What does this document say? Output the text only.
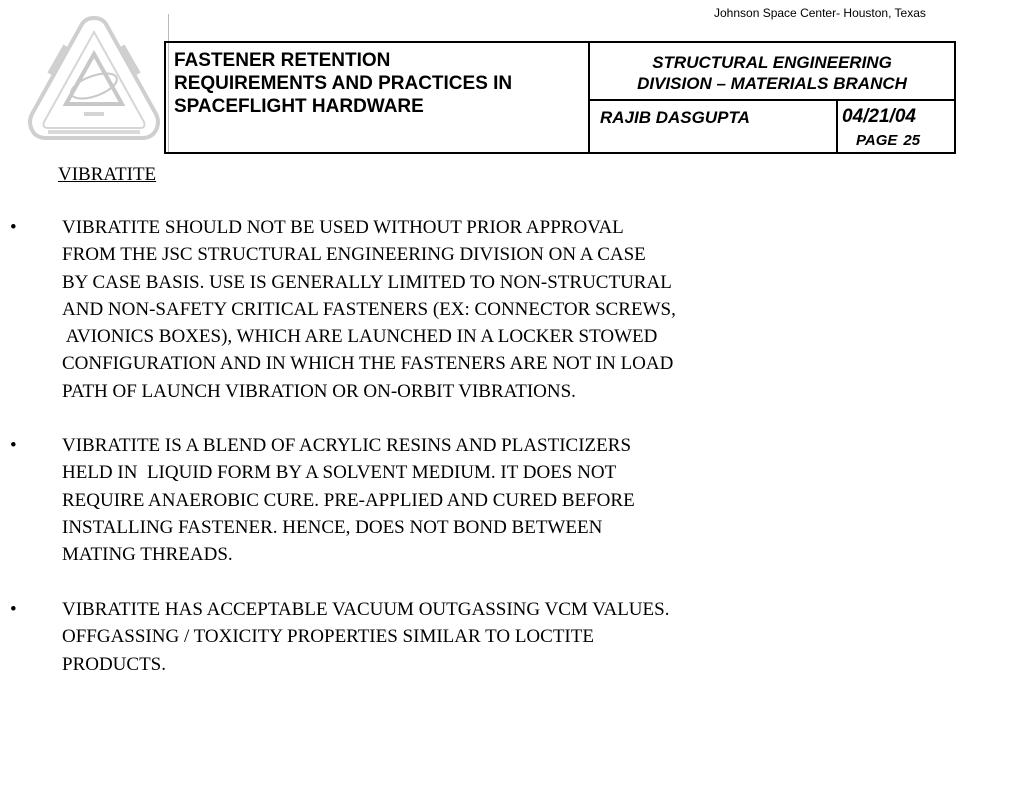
Johnson Space Center- Houston, Texas
FASTENER RETENTION
REQUIREMENTS AND PRACTICES IN
SPACEFLIGHT HARDWARE
STRUCTURAL ENGINEERING
DIVISION – MATERIALS BRANCH
RAJIB DASGUPTA	04/21/04
PAGE 25
VIBRATITE
• VIBRATITE SHOULD NOT BE USED WITHOUT PRIOR APPROVAL
FROM THE JSC STRUCTURAL ENGINEERING DIVISION ON A CASE
BY CASE BASIS. USE IS GENERALLY LIMITED TO NON-STRUCTURAL
AND NON-SAFETY CRITICAL FASTENERS (EX: CONNECTOR SCREWS,
AVIONICS BOXES), WHICH ARE LAUNCHED IN A LOCKER STOWED
CONFIGURATION AND IN WHICH THE FASTENERS ARE NOT IN LOAD
PATH OF LAUNCH VIBRATION OR ON-ORBIT VIBRATIONS.
• VIBRATITE IS A BLEND OF ACRYLIC RESINS AND PLASTICIZERS
HELD IN  LIQUID FORM BY A SOLVENT MEDIUM. IT DOES NOT
REQUIRE ANAEROBIC CURE. PRE-APPLIED AND CURED BEFORE
INSTALLING FASTENER. HENCE, DOES NOT BOND BETWEEN
MATING THREADS.
• VIBRATITE HAS ACCEPTABLE VACUUM OUTGASSING VCM VALUES.
OFFGASSING / TOXICITY PROPERTIES SIMILAR TO LOCTITE
PRODUCTS.
